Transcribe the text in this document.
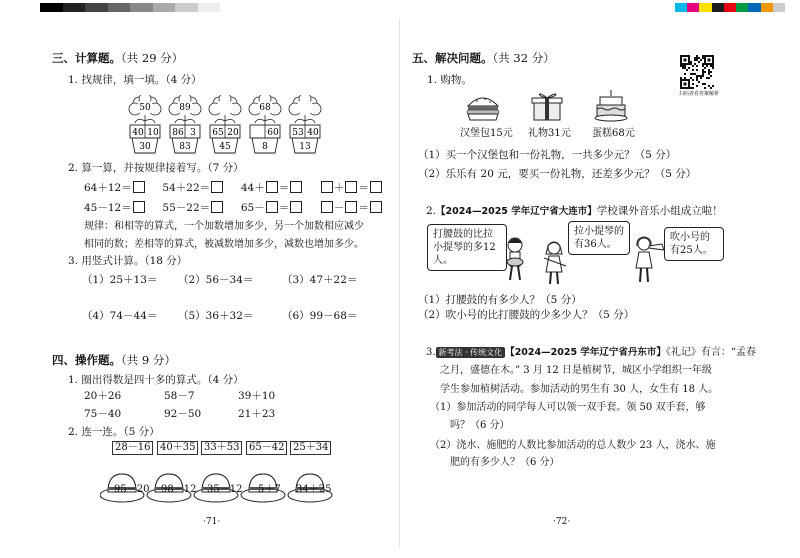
三、计算题。（共 29 分）
1. 找规律，填一填。（4 分）
50
40 10
30
89
86 3
83
65 20
45
68
60
8
53 40
13
2. 算一算，并按规律接着写。（7 分）
64＋12＝	54＋22＝	44＋ ＝	＋ ＝
45－12＝	55－22＝	65－ ＝	－ ＝
规律：和相等的算式，一个加数增加多少，另一个加数相应减少
相同的数；差相等的算式，被减数增加多少，减数也增加多少。
3. 用竖式计算。（18 分）
（1）25＋13＝ （2）56－34＝	（3）47＋22＝
（4）74－44＝ （5）36＋32＝	（6）99－68＝
四、操作题。（共 9 分）
1. 圈出得数是四十多的算式。（4 分）
20＋26	58－7	39＋10
75－40	92－50	21＋23
2. 连一连。（5 分）
28－16 40＋35 33＋53 65－42 25＋34
95－20 98－12 35－12 5＋7 34＋25
·71·
五、解决问题。（共 32 分）
扫码查看答案解析
1. 购物。
汉堡包15元 礼物31元 蛋糕68元
（1）买一个汉堡包和一份礼物，一共多少元？（5 分）
（2）乐乐有 20 元，要买一份礼物，还差多少元？（5 分）
2.【2024—2025 学年辽宁省大连市】学校课外音乐小组成立啦！
打腰鼓的比拉小提琴的多12人。
拉小提琴的有36人。
吹小号的有25人。
（1）打腰鼓的有多少人？（5 分）
（2）吹小号的比打腰鼓的少多少人？（5 分）
3. 新考法 · 传统文化 【2024—2025 学年辽宁省丹东市】《礼记》有言：“孟春
之月，盛德在木。” 3 月 12 日是植树节，城区小学组织一年级
学生参加植树活动。参加活动的男生有 30 人，女生有 18 人。
（1）参加活动的同学每人可以领一双手套。领 50 双手套，够
吗？（6 分）
（2）浇水、施肥的人数比参加活动的总人数少 23 人，浇水、施
肥的有多少人？（6 分）
·72·
